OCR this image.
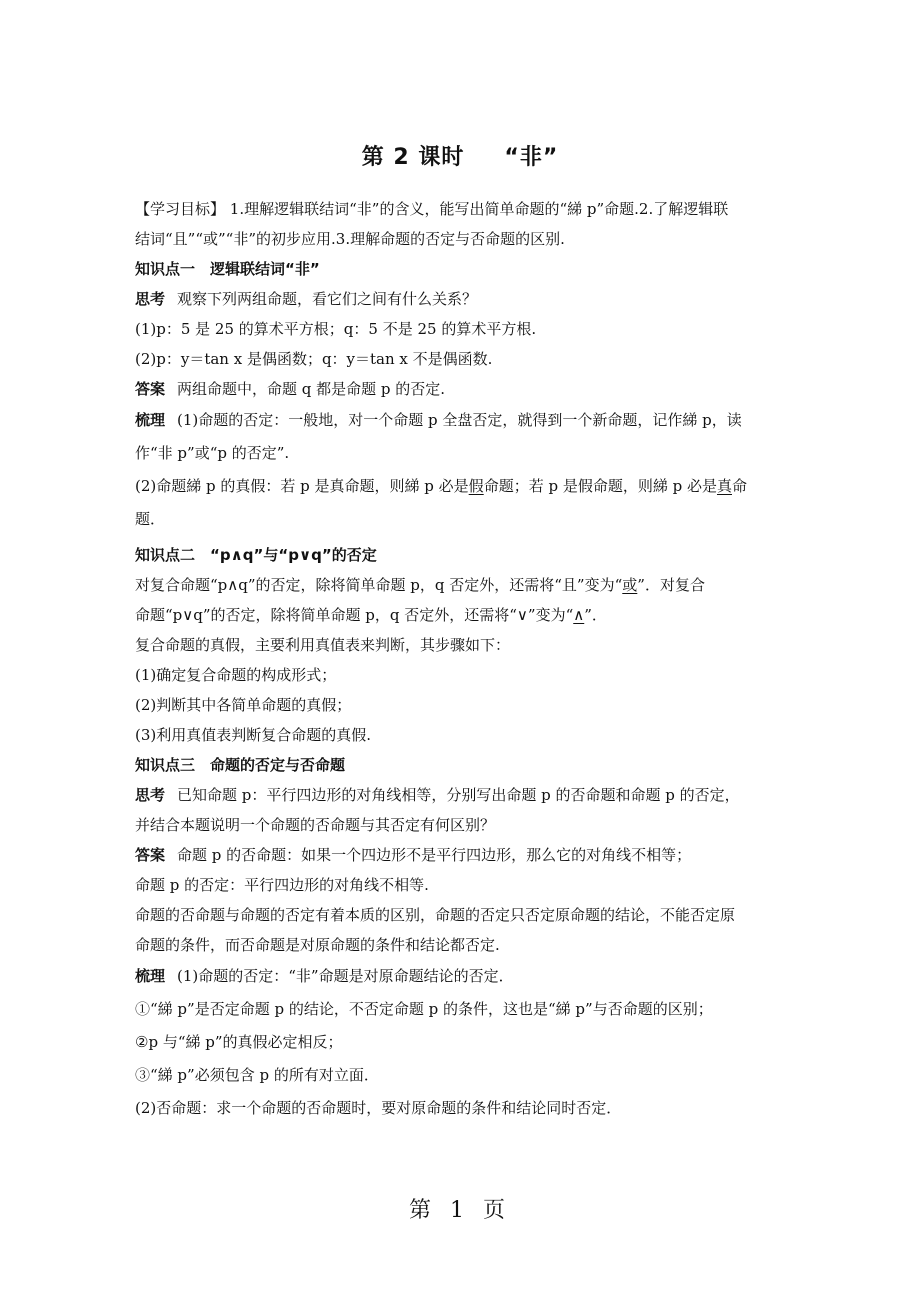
第 2 课时 “非”
【学习目标】 1.理解逻辑联结词“非”的含义，能写出简单命题的“綈 p”命题.2.了解逻辑联
结词“且”“或”“非”的初步应用.3.理解命题的否定与否命题的区别.
知识点一　逻辑联结词“非”
思考 观察下列两组命题，看它们之间有什么关系？
(1)p：5 是 25 的算术平方根；q：5 不是 25 的算术平方根.
(2)p：y＝tan x 是偶函数；q：y＝tan x 不是偶函数.
答案 两组命题中，命题 q 都是命题 p 的否定.
梳理 (1)命题的否定：一般地，对一个命题 p 全盘否定，就得到一个新命题，记作綈 p，读
作“非 p”或“p 的否定”.
(2)命题綈 p 的真假：若 p 是真命题，则綈 p 必是假命题；若 p 是假命题，则綈 p 必是真命
题．
知识点二　“p∧q”与“p∨q”的否定
对复合命题“p∧q”的否定，除将简单命题 p，q 否定外，还需将“且”变为“或”．对复合
命题“p∨q”的否定，除将简单命题 p，q 否定外，还需将“∨”变为“∧”．
复合命题的真假，主要利用真值表来判断，其步骤如下：
(1)确定复合命题的构成形式；
(2)判断其中各简单命题的真假；
(3)利用真值表判断复合命题的真假.
知识点三　命题的否定与否命题
思考 已知命题 p：平行四边形的对角线相等，分别写出命题 p 的否命题和命题 p 的否定，
并结合本题说明一个命题的否命题与其否定有何区别？
答案 命题 p 的否命题：如果一个四边形不是平行四边形，那么它的对角线不相等；
命题 p 的否定：平行四边形的对角线不相等.
命题的否命题与命题的否定有着本质的区别，命题的否定只否定原命题的结论，不能否定原
命题的条件，而否命题是对原命题的条件和结论都否定.
梳理 (1)命题的否定：“非”命题是对原命题结论的否定．
①“綈 p”是否定命题 p 的结论，不否定命题 p 的条件，这也是“綈 p”与否命题的区别；
②p 与“綈 p”的真假必定相反；
③“綈 p”必须包含 p 的所有对立面．
(2)否命题：求一个命题的否命题时，要对原命题的条件和结论同时否定．
第 1 页
